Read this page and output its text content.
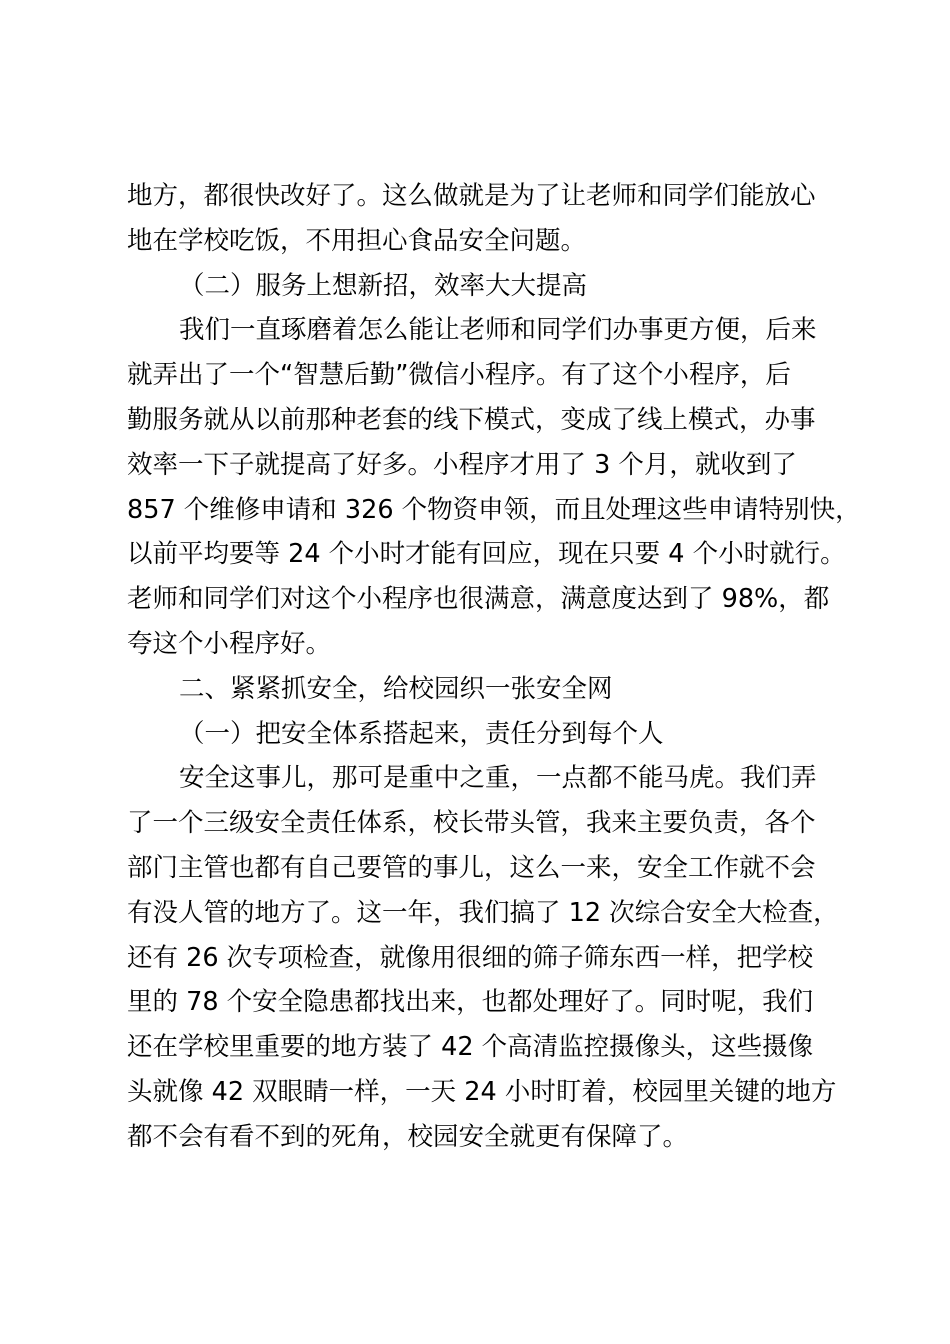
地方，都很快改好了。这么做就是为了让老师和同学们能放心
地在学校吃饭，不用担心食品安全问题。
（二）服务上想新招，效率大大提高
我们一直琢磨着怎么能让老师和同学们办事更方便，后来
就弄出了一个“智慧后勤”微信小程序。有了这个小程序，后
勤服务就从以前那种老套的线下模式，变成了线上模式，办事
效率一下子就提高了好多。小程序才用了 3 个月，就收到了
857 个维修申请和 326 个物资申领，而且处理这些申请特别快，
以前平均要等 24 个小时才能有回应，现在只要 4 个小时就行。
老师和同学们对这个小程序也很满意，满意度达到了 98%，都
夸这个小程序好。
二、紧紧抓安全，给校园织一张安全网
（一）把安全体系搭起来，责任分到每个人
安全这事儿，那可是重中之重，一点都不能马虎。我们弄
了一个三级安全责任体系，校长带头管，我来主要负责，各个
部门主管也都有自己要管的事儿，这么一来，安全工作就不会
有没人管的地方了。这一年，我们搞了 12 次综合安全大检查，
还有 26 次专项检查，就像用很细的筛子筛东西一样，把学校
里的 78 个安全隐患都找出来，也都处理好了。同时呢，我们
还在学校里重要的地方装了 42 个高清监控摄像头，这些摄像
头就像 42 双眼睛一样，一天 24 小时盯着，校园里关键的地方
都不会有看不到的死角，校园安全就更有保障了。
